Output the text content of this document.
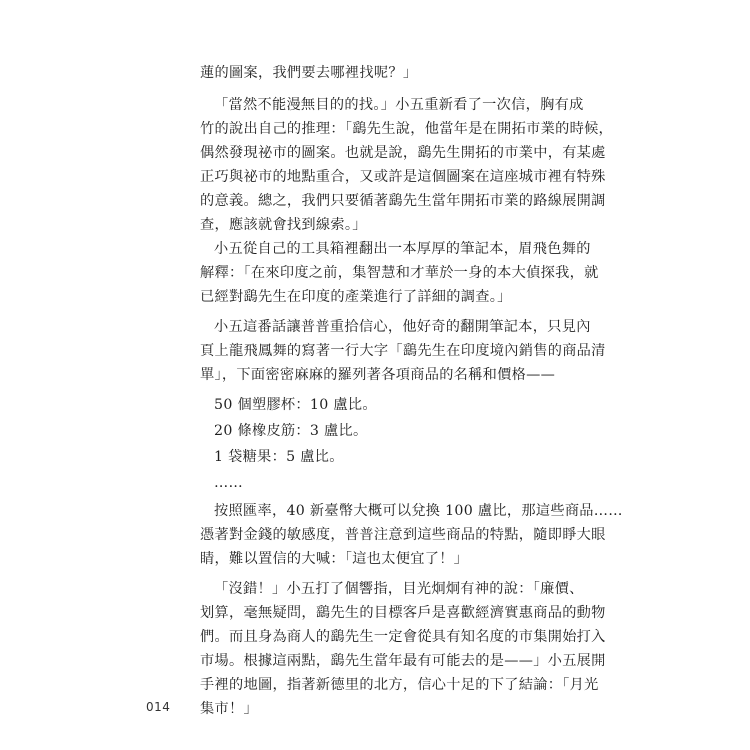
蓮的圖案，我們要去哪裡找呢？」
「當然不能漫無目的的找。」小五重新看了一次信，胸有成
竹的說出自己的推理：「鷂先生說，他當年是在開拓市業的時候，
偶然發現祕市的圖案。也就是說，鷂先生開拓的市業中，有某處
正巧與祕市的地點重合，又或許是這個圖案在這座城市裡有特殊
的意義。總之，我們只要循著鷂先生當年開拓市業的路線展開調
查，應該就會找到線索。」
小五從自己的工具箱裡翻出一本厚厚的筆記本，眉飛色舞的
解釋：「在來印度之前，集智慧和才華於一身的本大偵探我，就
已經對鷂先生在印度的產業進行了詳細的調查。」
小五這番話讓普普重拾信心，他好奇的翻開筆記本，只見內
頁上龍飛鳳舞的寫著一行大字「鷂先生在印度境內銷售的商品清
單」，下面密密麻麻的羅列著各項商品的名稱和價格——
50 個塑膠杯：10 盧比。
20 條橡皮筋：3 盧比。
1 袋糖果：5 盧比。
……
按照匯率，40 新臺幣大概可以兌換 100 盧比，那這些商品……
憑著對金錢的敏感度，普普注意到這些商品的特點，隨即睜大眼
睛，難以置信的大喊：「這也太便宜了！」
「沒錯！」小五打了個響指，目光炯炯有神的說：「廉價、
划算，毫無疑問，鷂先生的目標客戶是喜歡經濟實惠商品的動物
們。而且身為商人的鷂先生一定會從具有知名度的市集開始打入
市場。根據這兩點，鷂先生當年最有可能去的是——」小五展開
手裡的地圖，指著新德里的北方，信心十足的下了結論：「月光
集市！」
014
